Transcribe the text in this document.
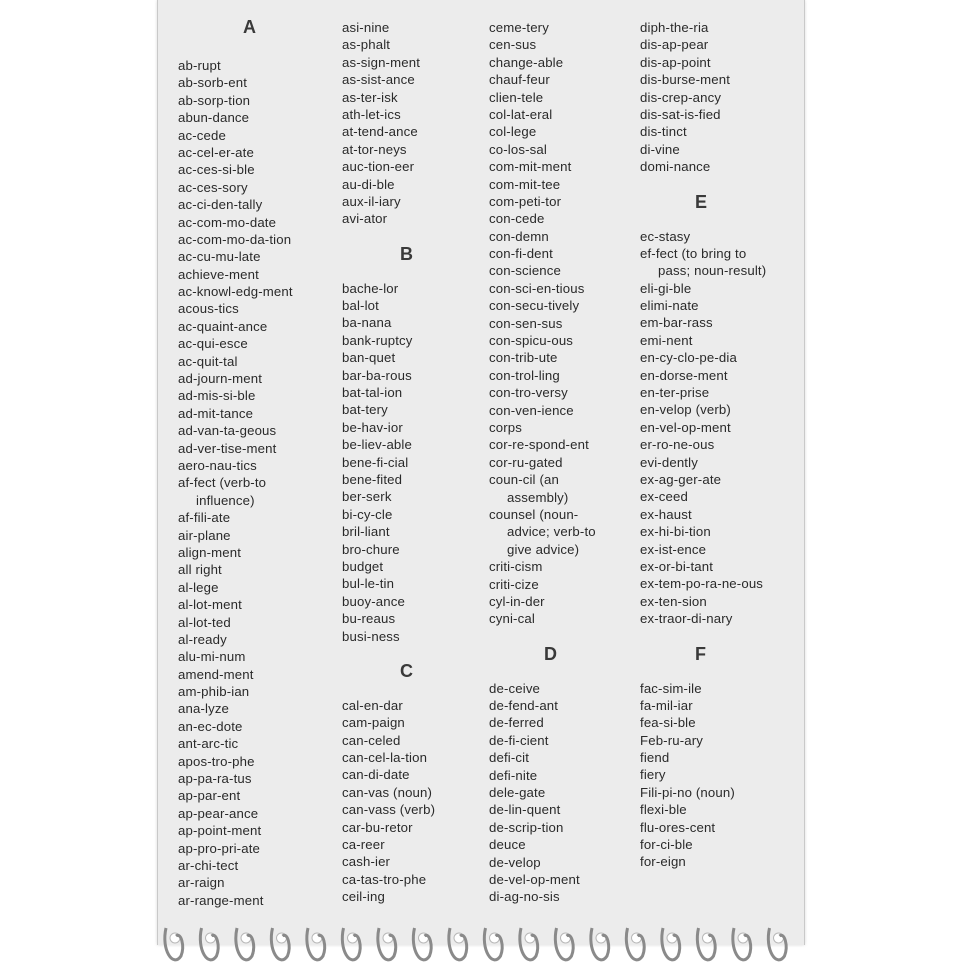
A
ab-rupt
ab-sorb-ent
ab-sorp-tion
abun-dance
ac-cede
ac-cel-er-ate
ac-ces-si-ble
ac-ces-sory
ac-ci-den-tally
ac-com-mo-date
ac-com-mo-da-tion
ac-cu-mu-late
achieve-ment
ac-knowl-edg-ment
acous-tics
ac-quaint-ance
ac-qui-esce
ac-quit-tal
ad-journ-ment
ad-mis-si-ble
ad-mit-tance
ad-van-ta-geous
ad-ver-tise-ment
aero-nau-tics
af-fect (verb-to
influence)
af-fili-ate
air-plane
align-ment
all right
al-lege
al-lot-ment
al-lot-ted
al-ready
alu-mi-num
amend-ment
am-phib-ian
ana-lyze
an-ec-dote
ant-arc-tic
apos-tro-phe
ap-pa-ra-tus
ap-par-ent
ap-pear-ance
ap-point-ment
ap-pro-pri-ate
ar-chi-tect
ar-raign
ar-range-ment
asi-nine
as-phalt
as-sign-ment
as-sist-ance
as-ter-isk
ath-let-ics
at-tend-ance
at-tor-neys
auc-tion-eer
au-di-ble
aux-il-iary
avi-ator
B
bache-lor
bal-lot
ba-nana
bank-ruptcy
ban-quet
bar-ba-rous
bat-tal-ion
bat-tery
be-hav-ior
be-liev-able
bene-fi-cial
bene-fited
ber-serk
bi-cy-cle
bril-liant
bro-chure
budget
bul-le-tin
buoy-ance
bu-reaus
busi-ness
C
cal-en-dar
cam-paign
can-celed
can-cel-la-tion
can-di-date
can-vas (noun)
can-vass (verb)
car-bu-retor
ca-reer
cash-ier
ca-tas-tro-phe
ceil-ing
ceme-tery
cen-sus
change-able
chauf-feur
clien-tele
col-lat-eral
col-lege
co-los-sal
com-mit-ment
com-mit-tee
com-peti-tor
con-cede
con-demn
con-fi-dent
con-science
con-sci-en-tious
con-secu-tively
con-sen-sus
con-spicu-ous
con-trib-ute
con-trol-ling
con-tro-versy
con-ven-ience
corps
cor-re-spond-ent
cor-ru-gated
coun-cil (an
assembly)
counsel (noun-
advice; verb-to
give advice)
criti-cism
criti-cize
cyl-in-der
cyni-cal
D
de-ceive
de-fend-ant
de-ferred
de-fi-cient
defi-cit
defi-nite
dele-gate
de-lin-quent
de-scrip-tion
deuce
de-velop
de-vel-op-ment
di-ag-no-sis
diph-the-ria
dis-ap-pear
dis-ap-point
dis-burse-ment
dis-crep-ancy
dis-sat-is-fied
dis-tinct
di-vine
domi-nance
E
ec-stasy
ef-fect (to bring to
pass; noun-result)
eli-gi-ble
elimi-nate
em-bar-rass
emi-nent
en-cy-clo-pe-dia
en-dorse-ment
en-ter-prise
en-velop (verb)
en-vel-op-ment
er-ro-ne-ous
evi-dently
ex-ag-ger-ate
ex-ceed
ex-haust
ex-hi-bi-tion
ex-ist-ence
ex-or-bi-tant
ex-tem-po-ra-ne-ous
ex-ten-sion
ex-traor-di-nary
F
fac-sim-ile
fa-mil-iar
fea-si-ble
Feb-ru-ary
fiend
fiery
Fili-pi-no (noun)
flexi-ble
flu-ores-cent
for-ci-ble
for-eign
